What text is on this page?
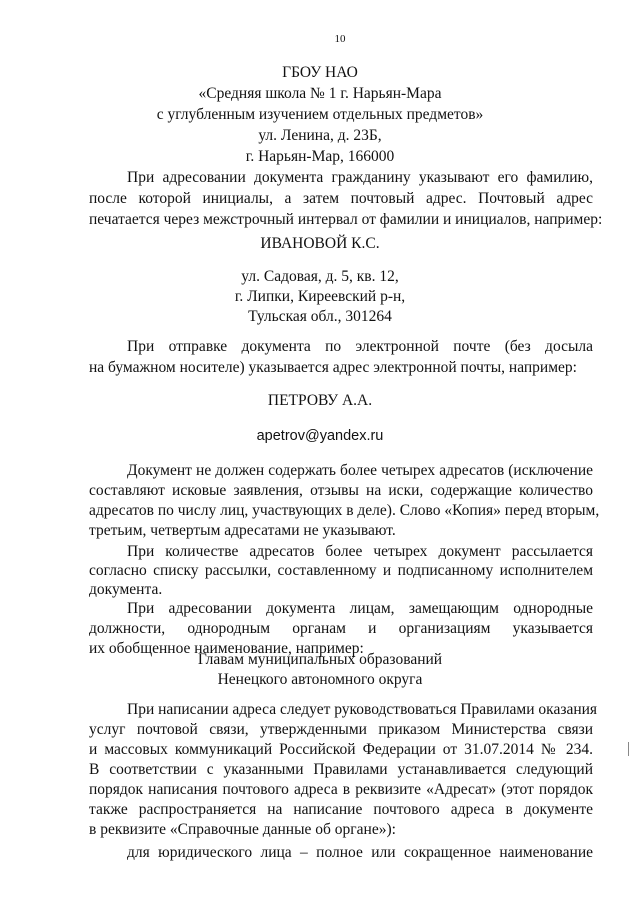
10
ГБОУ НАО
«Средняя школа № 1 г. Нарьян-Мара
с углубленным изучением отдельных предметов»
ул. Ленина, д. 23Б,
г. Нарьян-Мар, 166000
При адресовании документа гражданину указывают его фамилию,
после которой инициалы, а затем почтовый адрес. Почтовый адрес
печатается через межстрочный интервал от фамилии и инициалов, например:
ИВАНОВОЙ К.С.
ул. Садовая, д. 5, кв. 12,
г. Липки, Киреевский р-н,
Тульская обл., 301264
При отправке документа по электронной почте (без досыла
на бумажном носителе) указывается адрес электронной почты, например:
ПЕТРОВУ А.А.
apetrov@yandex.ru
Документ не должен содержать более четырех адресатов (исключение
составляют исковые заявления, отзывы на иски, содержащие количество
адресатов по числу лиц, участвующих в деле). Слово «Копия» перед вторым,
третьим, четвертым адресатами не указывают.
При количестве адресатов более четырех документ рассылается
согласно списку рассылки, составленному и подписанному исполнителем
документа.
При адресовании документа лицам, замещающим однородные
должности, однородным органам и организациям указывается
их обобщенное наименование, например:
Главам муниципальных образований
Ненецкого автономного округа
При написании адреса следует руководствоваться Правилами оказания
услуг почтовой связи, утвержденными приказом Министерства связи
и массовых коммуникаций Российской Федерации от 31.07.2014 № 234.
В соответствии с указанными Правилами устанавливается следующий
порядок написания почтового адреса в реквизите «Адресат» (этот порядок
также распространяется на написание почтового адреса в документе
в реквизите «Справочные данные об органе»):
для юридического лица – полное или сокращенное наименование
